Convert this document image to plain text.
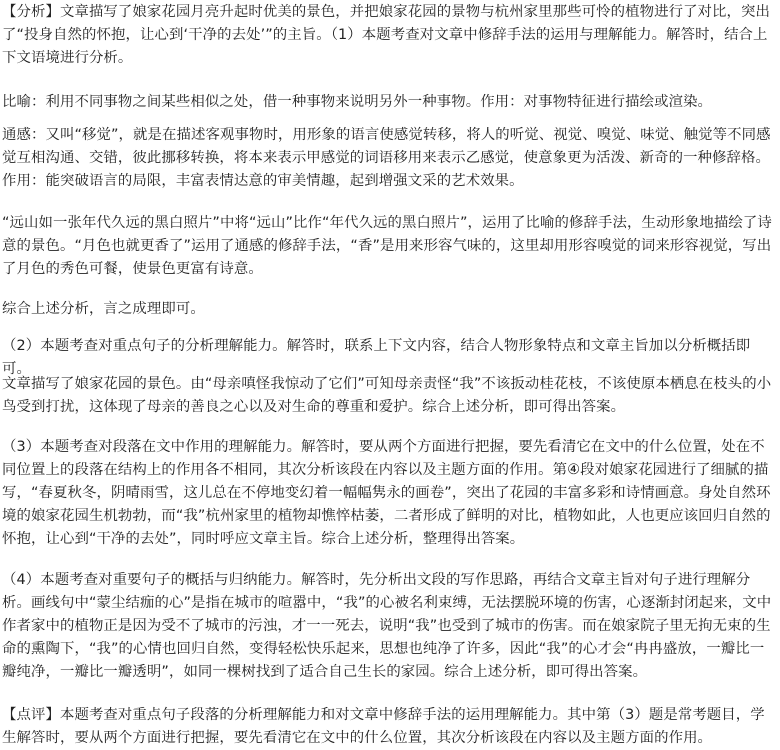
【分析】文章描写了娘家花园月亮升起时优美的景色，并把娘家花园的景物与杭州家里那些可怜的植物进行了对比，突出了“投身自然的怀抱，让心到‘干净的去处’”的主旨。（1）本题考查对文章中修辞手法的运用与理解能力。解答时，结合上下文语境进行分析。

比喻：利用不同事物之间某些相似之处，借一种事物来说明另外一种事物。作用：对事物特征进行描绘或渲染。

通感：又叫“移觉”，就是在描述客观事物时，用形象的语言使感觉转移，将人的听觉、视觉、嗅觉、味觉、触觉等不同感觉互相沟通、交错，彼此挪移转换，将本来表示甲感觉的词语移用来表示乙感觉，使意象更为活泼、新奇的一种修辞格。作用：能突破语言的局限，丰富表情达意的审美情趣，起到增强文采的艺术效果。

“远山如一张年代久远的黑白照片”中将“远山”比作“年代久远的黑白照片”，运用了比喻的修辞手法，生动形象地描绘了诗意的景色。“月色也就更香了”运用了通感的修辞手法，“香”是用来形容气味的，这里却用形容嗅觉的词来形容视觉，写出了月色的秀色可餐，使景色更富有诗意。

综合上述分析，言之成理即可。

（2）本题考查对重点句子的分析理解能力。解答时，联系上下文内容，结合人物形象特点和文章主旨加以分析概括即可。

文章描写了娘家花园的景色。由“母亲嗔怪我惊动了它们”可知母亲责怪“我”不该扳动桂花枝，不该使原本栖息在枝头的小鸟受到打扰，这体现了母亲的善良之心以及对生命的尊重和爱护。综合上述分析，即可得出答案。

（3）本题考查对段落在文中作用的理解能力。解答时，要从两个方面进行把握，要先看清它在文中的什么位置，处在不同位置上的段落在结构上的作用各不相同，其次分析该段在内容以及主题方面的作用。第④段对娘家花园进行了细腻的描写，“春夏秋冬，阴晴雨雪，这儿总在不停地变幻着一幅幅隽永的画卷”，突出了花园的丰富多彩和诗情画意。身处自然环境的娘家花园生机勃勃，而“我”杭州家里的植物却憔悴枯萎，二者形成了鲜明的对比，植物如此，人也更应该回归自然的怀抱，让心到“干净的去处”，同时呼应文章主旨。综合上述分析，整理得出答案。

（4）本题考查对重要句子的概括与归纳能力。解答时，先分析出文段的写作思路，再结合文章主旨对句子进行理解分析。画线句中“蒙尘结痂的心”是指在城市的喧嚣中，“我”的心被名利束缚，无法摆脱环境的伤害，心逐渐封闭起来，文中作者家中的植物正是因为受不了城市的污浊，才一一死去，说明“我”也受到了城市的伤害。而在娘家院子里无拘无束的生命的熏陶下，“我”的心情也回归自然，变得轻松快乐起来，思想也纯净了许多，因此“我”的心才会“冉冉盛放，一瓣比一瓣纯净，一瓣比一瓣透明”，如同一棵树找到了适合自己生长的家园。综合上述分析，即可得出答案。

【点评】本题考查对重点句子段落的分析理解能力和对文章中修辞手法的运用理解能力。其中第（3）题是常考题目，学生解答时，要从两个方面进行把握，要先看清它在文中的什么位置，其次分析该段在内容以及主题方面的作用。
